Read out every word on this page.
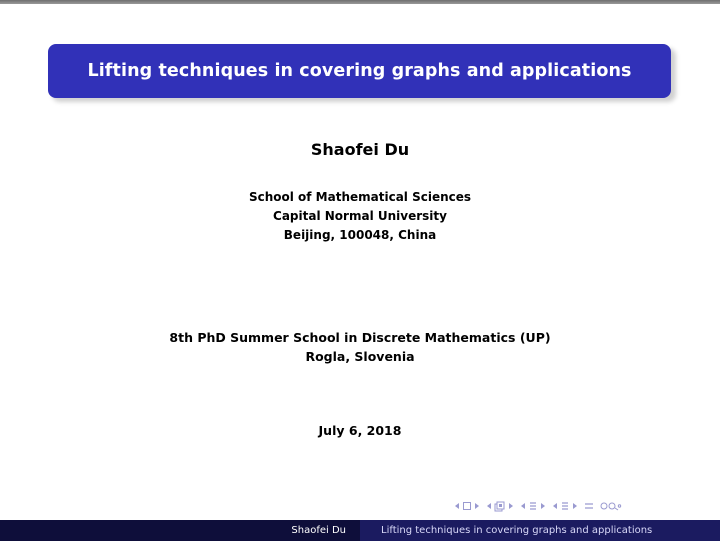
Lifting techniques in covering graphs and applications
Shaofei Du
School of Mathematical Sciences
Capital Normal University
Beijing, 100048, China
8th PhD Summer School in Discrete Mathematics (UP)
Rogla, Slovenia
July 6, 2018
Shaofei Du	Lifting techniques in covering graphs and applications
